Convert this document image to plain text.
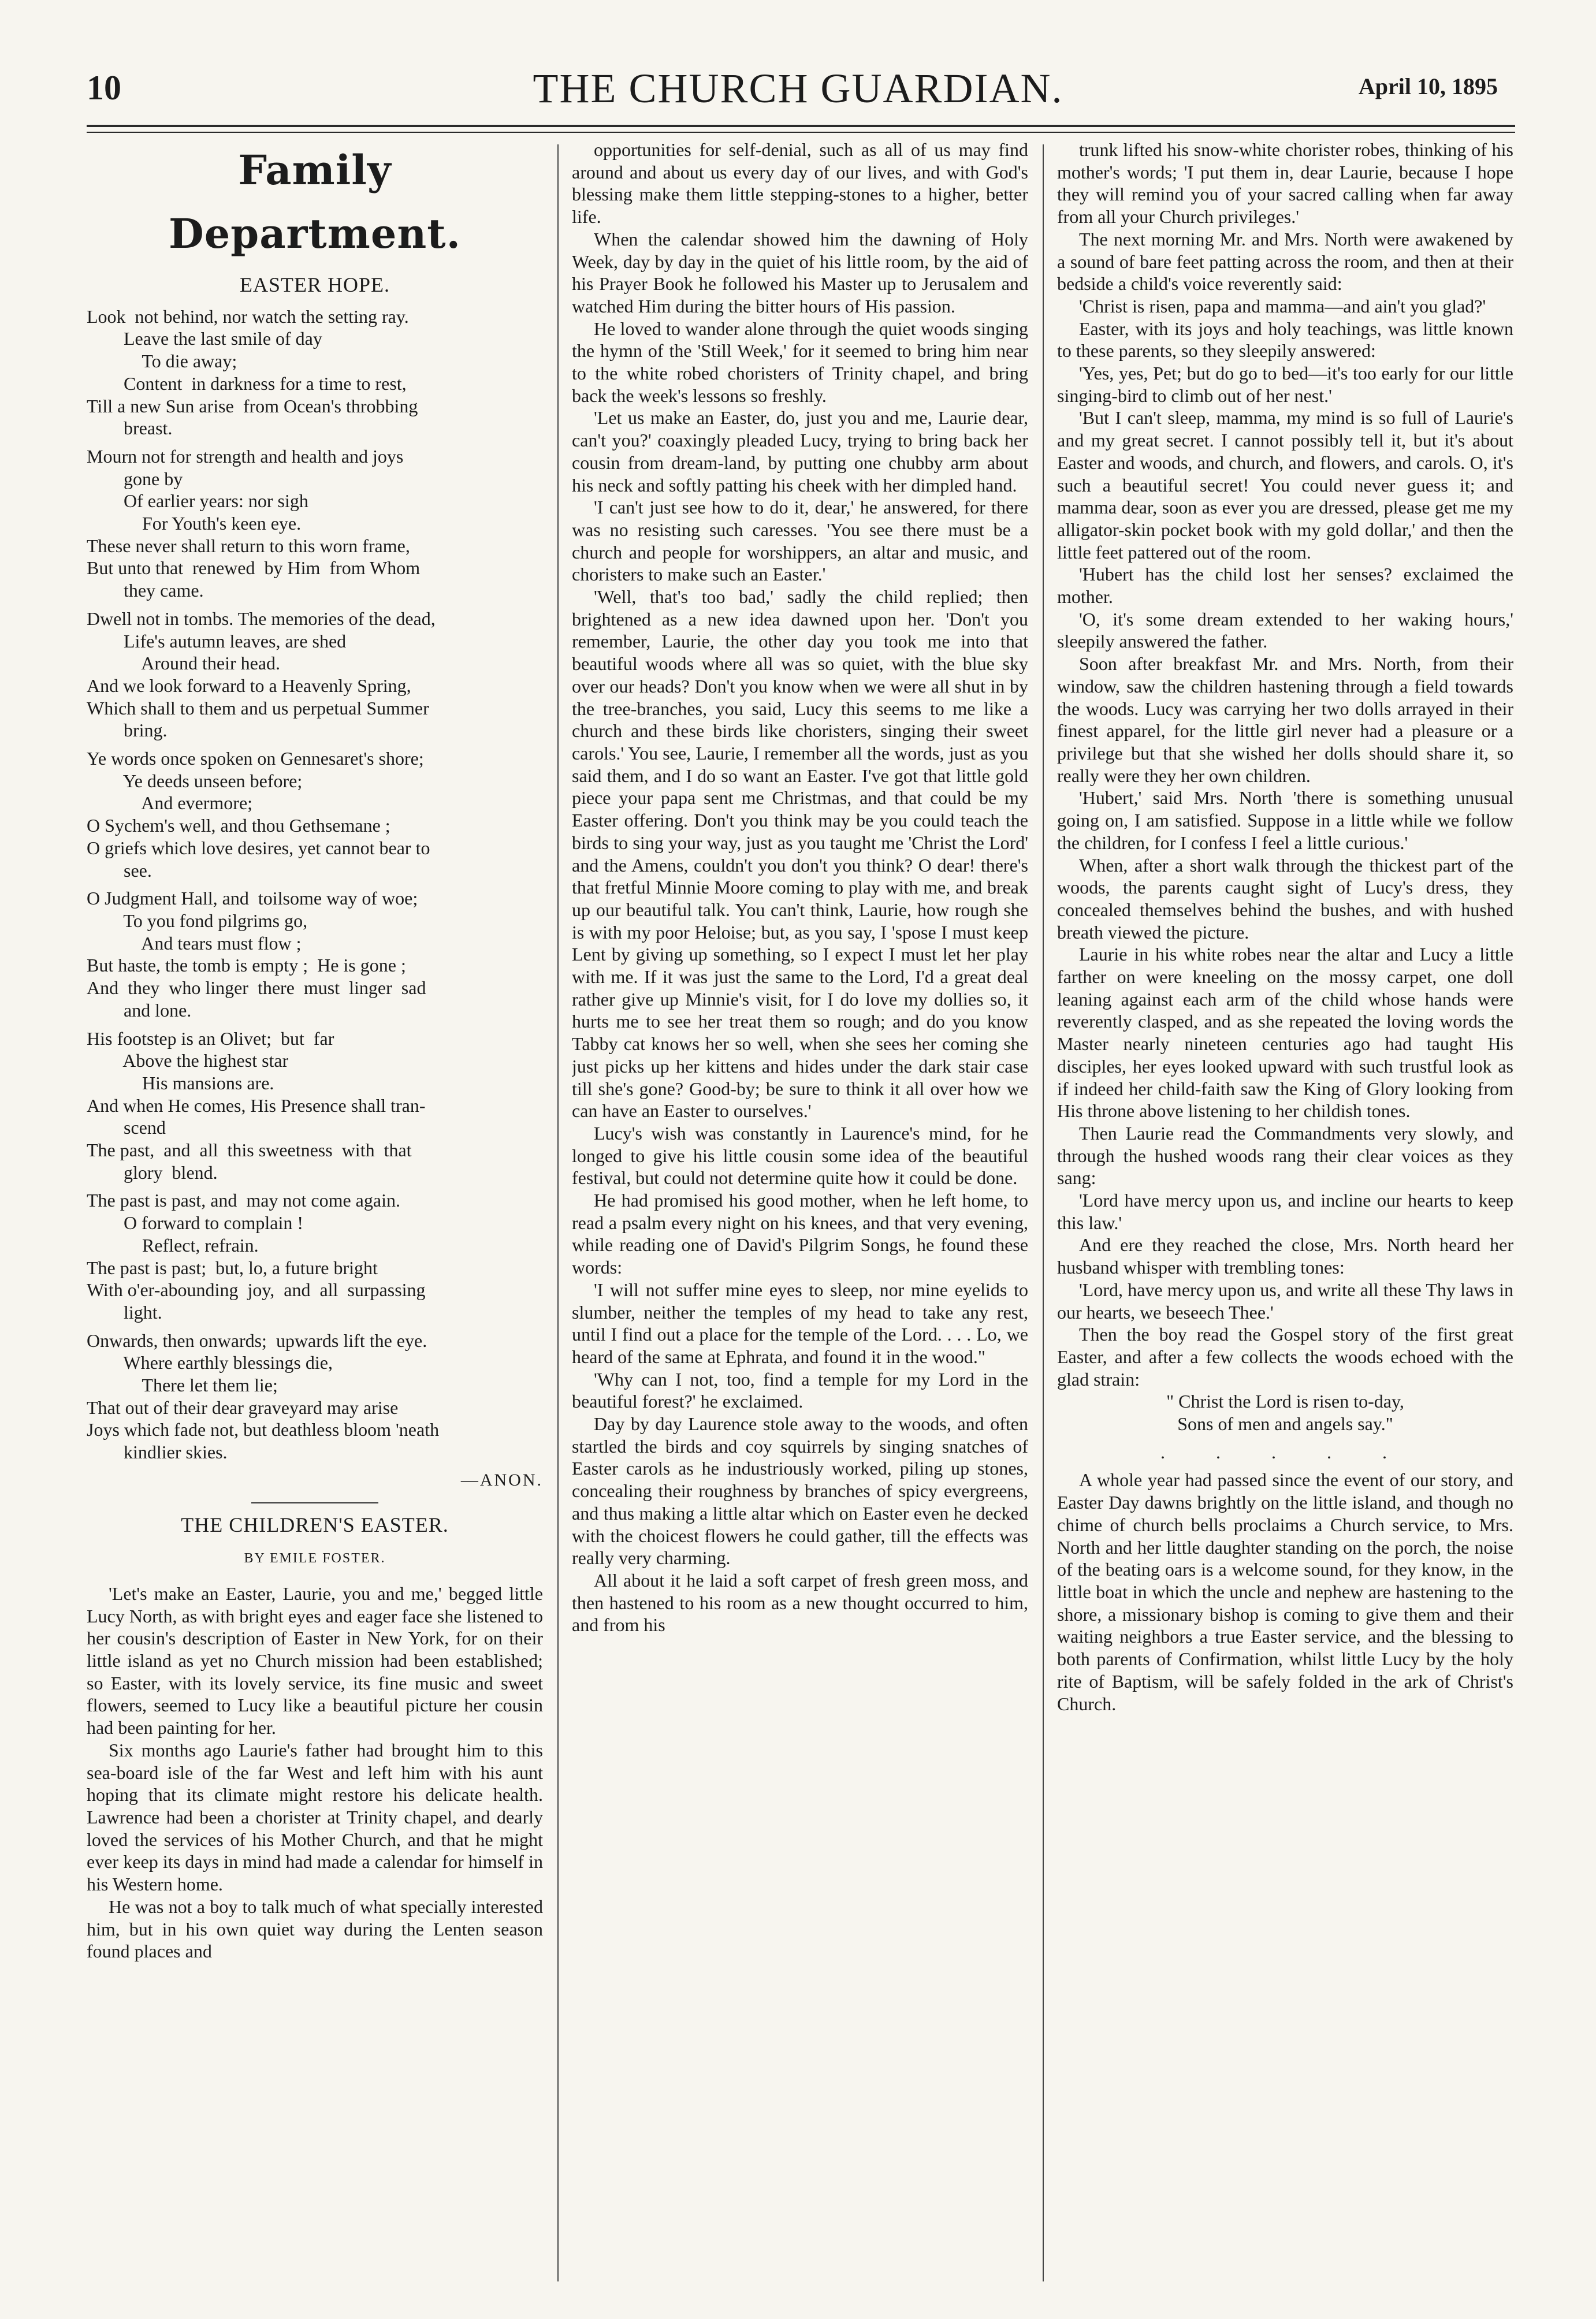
10	THE CHURCH GUARDIAN.	April 10, 1895
Family Department.
EASTER HOPE.
Look  not behind, nor watch the setting ray.
Leave the last smile of day
To die away;
Content  in darkness for a time to rest,
Till a new Sun arise  from Ocean's throbbing
breast.
Mourn not for strength and health and joys
gone by
Of earlier years: nor sigh
For Youth's keen eye.
These never shall return to this worn frame,
But unto that  renewed  by Him  from Whom
they came.
Dwell not in tombs. The memories of the dead,
Life's autumn leaves, are shed
Around their head.
And we look forward to a Heavenly Spring,
Which shall to them and us perpetual Summer
bring.
Ye words once spoken on Gennesaret's shore;
Ye deeds unseen before;
And evermore;
O Sychem's well, and thou Gethsemane ;
O griefs which love desires, yet cannot bear to
see.
O Judgment Hall, and  toilsome way of woe;
To you fond pilgrims go,
And tears must flow ;
But haste, the tomb is empty ;  He is gone ;
And  they  who linger  there  must  linger  sad
and lone.
His footstep is an Olivet;  but  far
Above the highest star
His mansions are.
And when He comes, His Presence shall tran-
scend
The past,  and  all  this sweetness  with  that
glory  blend.
The past is past, and  may not come again.
O forward to complain !
Reflect, refrain.
The past is past;  but, lo, a future bright
With o'er-abounding  joy,  and  all  surpassing
light.
Onwards, then onwards;  upwards lift the eye.
Where earthly blessings die,
There let them lie;
That out of their dear graveyard may arise
Joys which fade not, but deathless bloom 'neath
kindlier skies.
—ANON.
THE CHILDREN'S EASTER.
BY EMILE FOSTER.

'Let's make an Easter, Laurie, you and me,' begged little Lucy North, as with bright eyes and eager face she listened to her cousin's description of Easter in New York, for on their little island as yet no Church mission had been established; so Easter, with its lovely service, its fine music and sweet flowers, seemed to Lucy like a beautiful picture her cousin had been painting for her.

Six months ago Laurie's father had brought him to this sea-board isle of the far West and left him with his aunt hoping that its climate might restore his delicate health. Lawrence had been a chorister at Trinity chapel, and dearly loved the services of his Mother Church, and that he might ever keep its days in mind had made a calendar for himself in his Western home.

He was not a boy to talk much of what specially interested him, but in his own quiet way during the Lenten season found places and

opportunities for self-denial, such as all of us may find around and about us every day of our lives, and with God's blessing make them little stepping-stones to a higher, better life.

When the calendar showed him the dawning of Holy Week, day by day in the quiet of his little room, by the aid of his Prayer Book he followed his Master up to Jerusalem and watched Him during the bitter hours of His passion.

He loved to wander alone through the quiet woods singing the hymn of the 'Still Week,' for it seemed to bring him near to the white robed choristers of Trinity chapel, and bring back the week's lessons so freshly.

'Let us make an Easter, do, just you and me, Laurie dear, can't you?' coaxingly pleaded Lucy, trying to bring back her cousin from dream-land, by putting one chubby arm about his neck and softly patting his cheek with her dimpled hand.

'I can't just see how to do it, dear,' he answered, for there was no resisting such caresses. 'You see there must be a church and people for worshippers, an altar and music, and choristers to make such an Easter.'

'Well, that's too bad,' sadly the child replied; then brightened as a new idea dawned upon her. 'Don't you remember, Laurie, the other day you took me into that beautiful woods where all was so quiet, with the blue sky over our heads? Don't you know when we were all shut in by the tree-branches, you said, Lucy this seems to me like a church and these birds like choristers, singing their sweet carols.' You see, Laurie, I remember all the words, just as you said them, and I do so want an Easter. I've got that little gold piece your papa sent me Christmas, and that could be my Easter offering. Don't you think may be you could teach the birds to sing your way, just as you taught me 'Christ the Lord' and the Amens, couldn't you don't you think? O dear! there's that fretful Minnie Moore coming to play with me, and break up our beautiful talk. You can't think, Laurie, how rough she is with my poor Heloise; but, as you say, I 'spose I must keep Lent by giving up something, so I expect I must let her play with me. If it was just the same to the Lord, I'd a great deal rather give up Minnie's visit, for I do love my dollies so, it hurts me to see her treat them so rough; and do you know Tabby cat knows her so well, when she sees her coming she just picks up her kittens and hides under the dark stair case till she's gone? Good-by; be sure to think it all over how we can have an Easter to ourselves.'

Lucy's wish was constantly in Laurence's mind, for he longed to give his little cousin some idea of the beautiful festival, but could not determine quite how it could be done.

He had promised his good mother, when he left home, to read a psalm every night on his knees, and that very evening, while reading one of David's Pilgrim Songs, he found these words:

'I will not suffer mine eyes to sleep, nor mine eyelids to slumber, neither the temples of my head to take any rest, until I find out a place for the temple of the Lord. . . . Lo, we heard of the same at Ephrata, and found it in the wood."

'Why can I not, too, find a temple for my Lord in the beautiful forest?' he exclaimed.

Day by day Laurence stole away to the woods, and often startled the birds and coy squirrels by singing snatches of Easter carols as he industriously worked, piling up stones, concealing their roughness by branches of spicy evergreens, and thus making a little altar which on Easter even he decked with the choicest flowers he could gather, till the effects was really very charming.

All about it he laid a soft carpet of fresh green moss, and then hastened to his room as a new thought occurred to him, and from his

trunk lifted his snow-white chorister robes, thinking of his mother's words; 'I put them in, dear Laurie, because I hope they will remind you of your sacred calling when far away from all your Church privileges.'

The next morning Mr. and Mrs. North were awakened by a sound of bare feet patting across the room, and then at their bedside a child's voice reverently said:

'Christ is risen, papa and mamma—and ain't you glad?'

Easter, with its joys and holy teachings, was little known to these parents, so they sleepily answered:

'Yes, yes, Pet; but do go to bed—it's too early for our little singing-bird to climb out of her nest.'

'But I can't sleep, mamma, my mind is so full of Laurie's and my great secret. I cannot possibly tell it, but it's about Easter and woods, and church, and flowers, and carols. O, it's such a beautiful secret! You could never guess it; and mamma dear, soon as ever you are dressed, please get me my alligator-skin pocket book with my gold dollar,' and then the little feet pattered out of the room.

'Hubert has the child lost her senses? exclaimed the mother.

'O, it's some dream extended to her waking hours,' sleepily answered the father.

Soon after breakfast Mr. and Mrs. North, from their window, saw the children hastening through a field towards the woods. Lucy was carrying her two dolls arrayed in their finest apparel, for the little girl never had a pleasure or a privilege but that she wished her dolls should share it, so really were they her own children.

'Hubert,' said Mrs. North 'there is something unusual going on, I am satisfied. Suppose in a little while we follow the children, for I confess I feel a little curious.'

When, after a short walk through the thickest part of the woods, the parents caught sight of Lucy's dress, they concealed themselves behind the bushes, and with hushed breath viewed the picture.

Laurie in his white robes near the altar and Lucy a little farther on were kneeling on the mossy carpet, one doll leaning against each arm of the child whose hands were reverently clasped, and as she repeated the loving words the Master nearly nineteen centuries ago had taught His disciples, her eyes looked upward with such trustful look as if indeed her child-faith saw the King of Glory looking from His throne above listening to her childish tones.

Then Laurie read the Commandments very slowly, and through the hushed woods rang their clear voices as they sang:

'Lord have mercy upon us, and incline our hearts to keep this law.'

And ere they reached the close, Mrs. North heard her husband whisper with trembling tones:

'Lord, have mercy upon us, and write all these Thy laws in our hearts, we beseech Thee.'

Then the boy read the Gospel story of the first great Easter, and after a few collects the woods echoed with the glad strain:

" Christ the Lord is risen to-day,
Sons of men and angels say."
. . . . .

A whole year had passed since the event of our story, and Easter Day dawns brightly on the little island, and though no chime of church bells proclaims a Church service, to Mrs. North and her little daughter standing on the porch, the noise of the beating oars is a welcome sound, for they know, in the little boat in which the uncle and nephew are hastening to the shore, a missionary bishop is coming to give them and their waiting neighbors a true Easter service, and the blessing to both parents of Confirmation, whilst little Lucy by the holy rite of Baptism, will be safely folded in the ark of Christ's Church.
